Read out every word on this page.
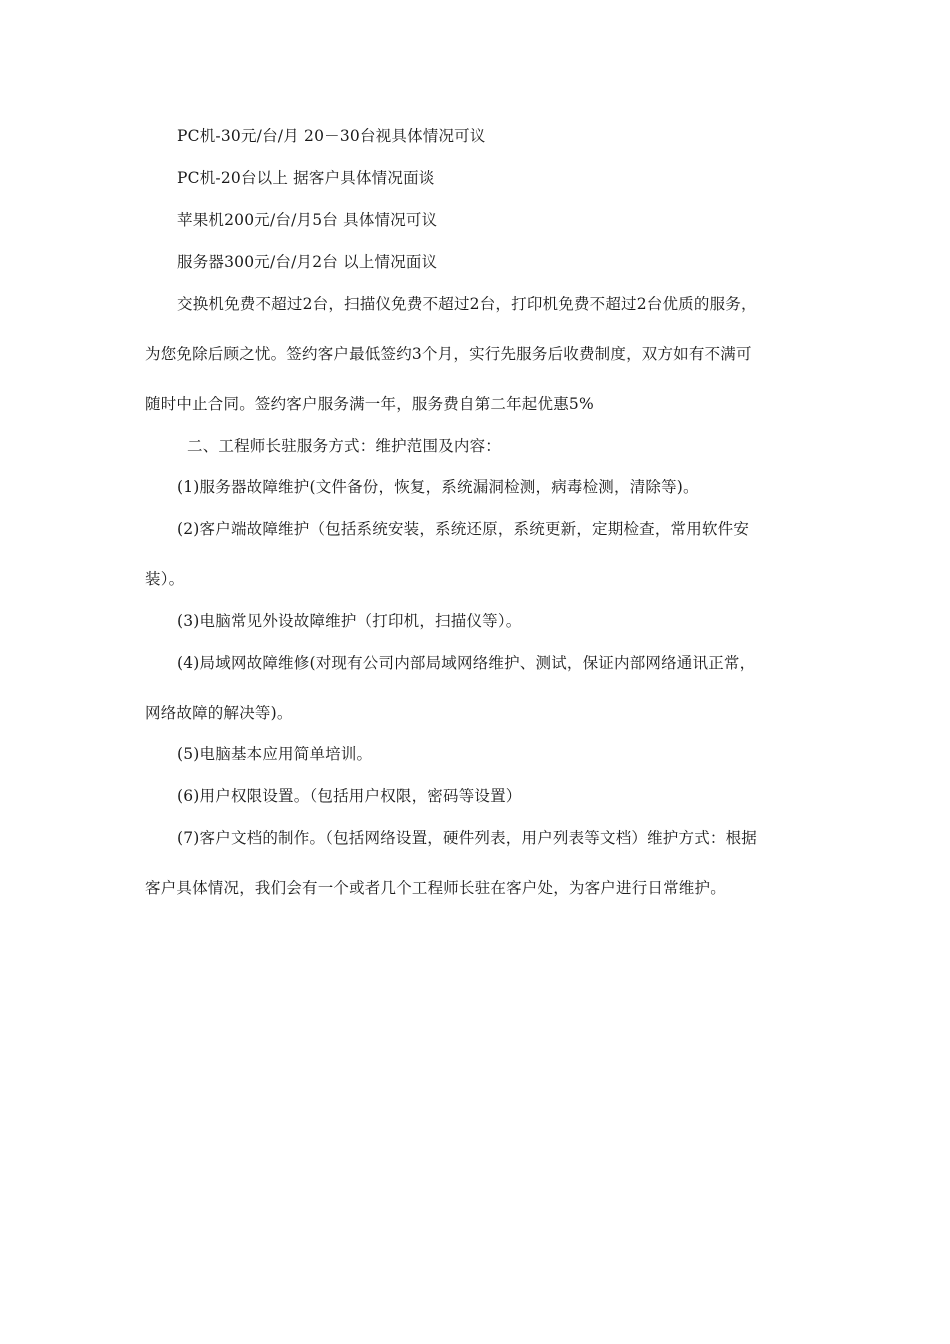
PC机-30元/台/月 20－30台视具体情况可议
PC机-20台以上 据客户具体情况面谈
苹果机200元/台/月5台 具体情况可议
服务器300元/台/月2台 以上情况面议
交换机免费不超过2台，扫描仪免费不超过2台，打印机免费不超过2台优质的服务，
为您免除后顾之忧。签约客户最低签约3个月，实行先服务后收费制度，双方如有不满可
随时中止合同。签约客户服务满一年，服务费自第二年起优惠5%
二、工程师长驻服务方式：维护范围及内容：
(1)服务器故障维护(文件备份，恢复，系统漏洞检测，病毒检测，清除等)。
(2)客户端故障维护（包括系统安装，系统还原，系统更新，定期检查，常用软件安
装）。
(3)电脑常见外设故障维护（打印机，扫描仪等）。
(4)局域网故障维修(对现有公司内部局域网络维护、测试，保证内部网络通讯正常，
网络故障的解决等)。
(5)电脑基本应用简单培训。
(6)用户权限设置。（包括用户权限，密码等设置）
(7)客户文档的制作。（包括网络设置，硬件列表，用户列表等文档）维护方式：根据
客户具体情况，我们会有一个或者几个工程师长驻在客户处，为客户进行日常维护。
